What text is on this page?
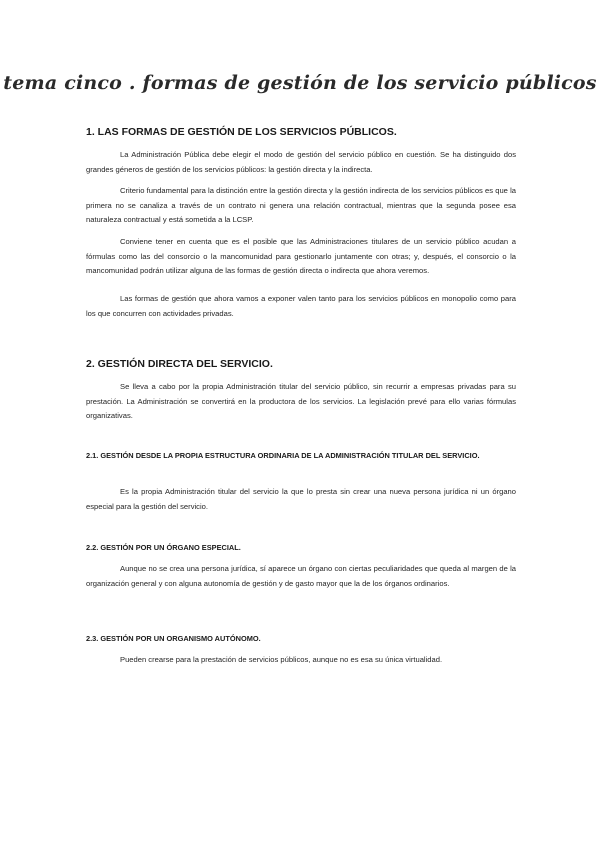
tema cinco . formas de gestión de los servicio públicos
1. LAS FORMAS DE GESTIÓN DE LOS SERVICIOS PÚBLICOS.

La Administración Pública debe elegir el modo de gestión del servicio público en cuestión. Se ha distinguido dos grandes géneros de gestión de los servicios públicos: la gestión directa y la indirecta.

Criterio fundamental para la distinción entre la gestión directa y la gestión indirecta de los servicios públicos es que la primera no se canaliza a través de un contrato ni genera una relación contractual, mientras que la segunda posee esa naturaleza contractual y está sometida a la LCSP.

Conviene tener en cuenta que es el posible que las Administraciones titulares de un servicio público acudan a fórmulas como las del consorcio o la mancomunidad para gestionarlo juntamente con otras; y, después, el consorcio o la mancomunidad podrán utilizar alguna de las formas de gestión directa o indirecta que ahora veremos.

Las formas de gestión que ahora vamos a exponer valen tanto para los servicios públicos en monopolio como para los que concurren con actividades privadas.

2. GESTIÓN DIRECTA DEL SERVICIO.

Se lleva a cabo por la propia Administración titular del servicio público, sin recurrir a empresas privadas para su prestación. La Administración se convertirá en la productora de los servicios. La legislación prevé para ello varias fórmulas organizativas.

2.1. GESTIÓN DESDE LA PROPIA ESTRUCTURA ORDINARIA DE LA ADMINISTRACIÓN TITULAR DEL SERVICIO.

Es la propia Administración titular del servicio la que lo presta sin crear una nueva persona jurídica ni un órgano especial para la gestión del servicio.

2.2. GESTIÓN POR UN ÓRGANO ESPECIAL.

Aunque no se crea una persona jurídica, sí aparece un órgano con ciertas peculiaridades que queda al margen de la organización general y con alguna autonomía de gestión y de gasto mayor que la de los órganos ordinarios.

2.3. GESTIÓN POR UN ORGANISMO AUTÓNOMO.

Pueden crearse para la prestación de servicios públicos, aunque no es esa su única virtualidad.
